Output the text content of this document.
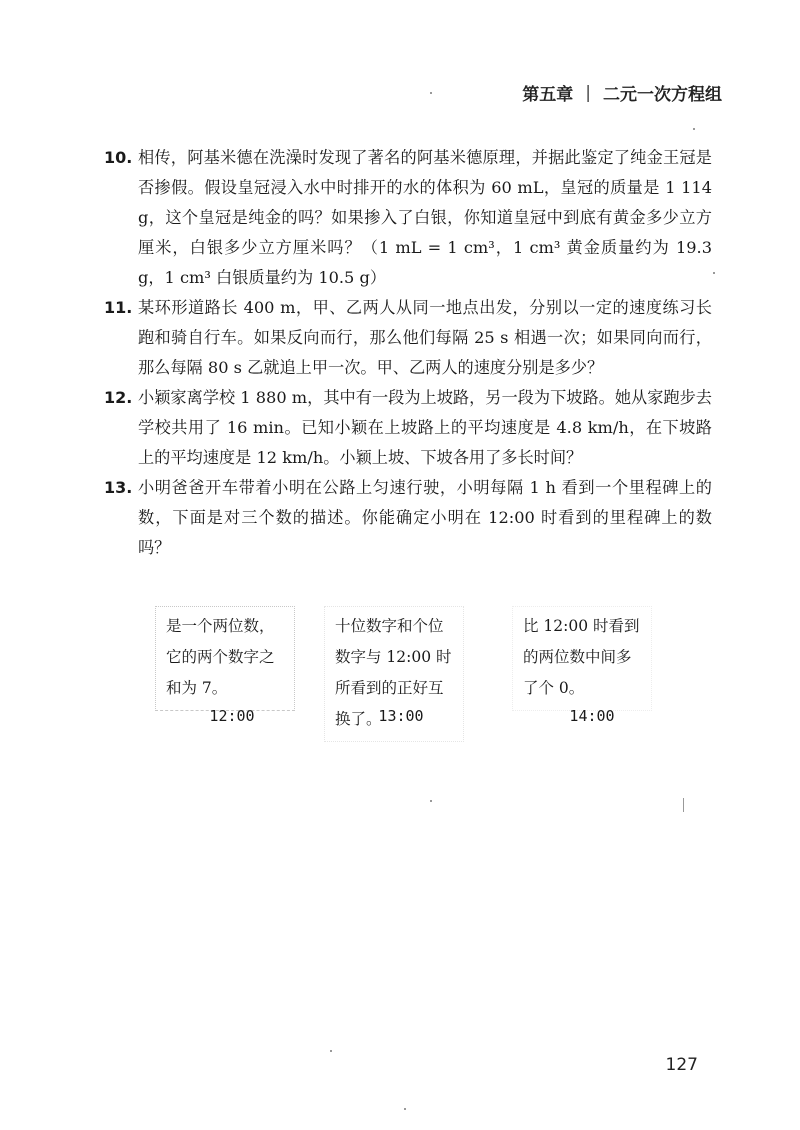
第五章 | 二元一次方程组
10. 相传，阿基米德在洗澡时发现了著名的阿基米德原理，并据此鉴定了纯金王冠是否掺假。假设皇冠浸入水中时排开的水的体积为 60 mL，皇冠的质量是 1 114 g，这个皇冠是纯金的吗？如果掺入了白银，你知道皇冠中到底有黄金多少立方厘米，白银多少立方厘米吗？（1 mL = 1 cm³，1 cm³ 黄金质量约为 19.3 g，1 cm³ 白银质量约为 10.5 g）
11. 某环形道路长 400 m，甲、乙两人从同一地点出发，分别以一定的速度练习长跑和骑自行车。如果反向而行，那么他们每隔 25 s 相遇一次；如果同向而行，那么每隔 80 s 乙就追上甲一次。甲、乙两人的速度分别是多少？
12. 小颖家离学校 1 880 m，其中有一段为上坡路，另一段为下坡路。她从家跑步去学校共用了 16 min。已知小颖在上坡路上的平均速度是 4.8 km/h，在下坡路上的平均速度是 12 km/h。小颖上坡、下坡各用了多长时间？
13. 小明爸爸开车带着小明在公路上匀速行驶，小明每隔 1 h 看到一个里程碑上的数，下面是对三个数的描述。你能确定小明在 12:00 时看到的里程碑上的数吗？
是一个两位数，它的两个数字之和为 7。
十位数字和个位数字与 12:00 时所看到的正好互换了。
比 12:00 时看到的两位数中间多了个 0。
12:00	13:00	14:00
127
